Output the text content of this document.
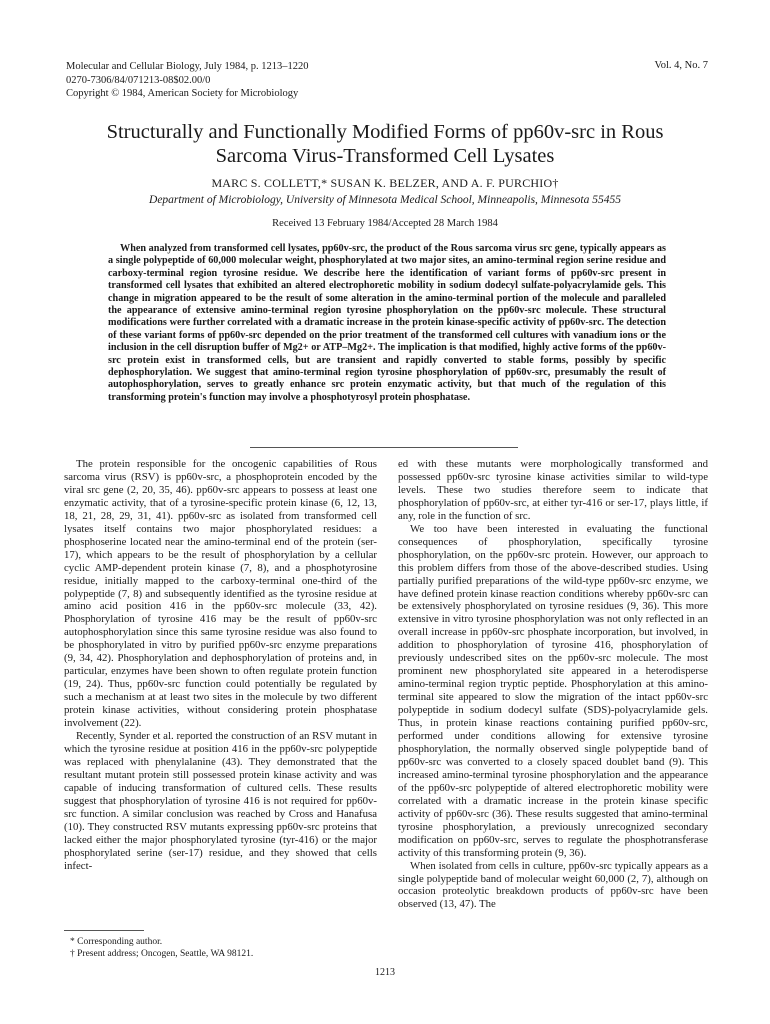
Molecular and Cellular Biology, July 1984, p. 1213–1220
0270-7306/84/071213-08$02.00/0
Copyright © 1984, American Society for Microbiology
Vol. 4, No. 7
Structurally and Functionally Modified Forms of pp60v-src in Rous
Sarcoma Virus-Transformed Cell Lysates
MARC S. COLLETT,* SUSAN K. BELZER, AND A. F. PURCHIO†
Department of Microbiology, University of Minnesota Medical School, Minneapolis, Minnesota 55455
Received 13 February 1984/Accepted 28 March 1984
When analyzed from transformed cell lysates, pp60v-src, the product of the Rous sarcoma virus src gene, typically appears as a single polypeptide of 60,000 molecular weight, phosphorylated at two major sites, an amino-terminal region serine residue and carboxy-terminal region tyrosine residue. We describe here the identification of variant forms of pp60v-src present in transformed cell lysates that exhibited an altered electrophoretic mobility in sodium dodecyl sulfate-polyacrylamide gels. This change in migration appeared to be the result of some alteration in the amino-terminal portion of the molecule and paralleled the appearance of extensive amino-terminal region tyrosine phosphorylation on the pp60v-src molecule. These structural modifications were further correlated with a dramatic increase in the protein kinase-specific activity of pp60v-src. The detection of these variant forms of pp60v-src depended on the prior treatment of the transformed cell cultures with vanadium ions or the inclusion in the cell disruption buffer of Mg2+ or ATP–Mg2+. The implication is that modified, highly active forms of the pp60v-src protein exist in transformed cells, but are transient and rapidly converted to stable forms, possibly by specific dephosphorylation. We suggest that amino-terminal region tyrosine phosphorylation of pp60v-src, presumably the result of autophosphorylation, serves to greatly enhance src protein enzymatic activity, but that much of the regulation of this transforming protein's function may involve a phosphotyrosyl protein phosphatase.

The protein responsible for the oncogenic capabilities of Rous sarcoma virus (RSV) is pp60v-src, a phosphoprotein encoded by the viral src gene (2, 20, 35, 46). pp60v-src appears to possess at least one enzymatic activity, that of a tyrosine-specific protein kinase (6, 12, 13, 18, 21, 28, 29, 31, 41). pp60v-src as isolated from transformed cell lysates itself contains two major phosphorylated residues: a phosphoserine located near the amino-terminal end of the protein (ser-17), which appears to be the result of phosphorylation by a cellular cyclic AMP-dependent protein kinase (7, 8), and a phosphotyrosine residue, initially mapped to the carboxy-terminal one-third of the polypeptide (7, 8) and subsequently identified as the tyrosine residue at amino acid position 416 in the pp60v-src molecule (33, 42). Phosphorylation of tyrosine 416 may be the result of pp60v-src autophosphorylation since this same tyrosine residue was also found to be phosphorylated in vitro by purified pp60v-src enzyme preparations (9, 34, 42). Phosphorylation and dephosphorylation of proteins and, in particular, enzymes have been shown to often regulate protein function (19, 24). Thus, pp60v-src function could potentially be regulated by such a mechanism at at least two sites in the molecule by two different protein kinase activities, without considering protein phosphatase involvement (22).

Recently, Synder et al. reported the construction of an RSV mutant in which the tyrosine residue at position 416 in the pp60v-src polypeptide was replaced with phenylalanine (43). They demonstrated that the resultant mutant protein still possessed protein kinase activity and was capable of inducing transformation of cultured cells. These results suggest that phosphorylation of tyrosine 416 is not required for pp60v-src function. A similar conclusion was reached by Cross and Hanafusa (10). They constructed RSV mutants expressing pp60v-src proteins that lacked either the major phosphorylated tyrosine (tyr-416) or the major phosphorylated serine (ser-17) residue, and they showed that cells infect-

ed with these mutants were morphologically transformed and possessed pp60v-src tyrosine kinase activities similar to wild-type levels. These two studies therefore seem to indicate that phosphorylation of pp60v-src, at either tyr-416 or ser-17, plays little, if any, role in the function of src.

We too have been interested in evaluating the functional consequences of phosphorylation, specifically tyrosine phosphorylation, on the pp60v-src protein. However, our approach to this problem differs from those of the above-described studies. Using partially purified preparations of the wild-type pp60v-src enzyme, we have defined protein kinase reaction conditions whereby pp60v-src can be extensively phosphorylated on tyrosine residues (9, 36). This more extensive in vitro tyrosine phosphorylation was not only reflected in an overall increase in pp60v-src phosphate incorporation, but involved, in addition to phosphorylation of tyrosine 416, phosphorylation of previously undescribed sites on the pp60v-src molecule. The most prominent new phosphorylated site appeared in a heterodisperse amino-terminal region tryptic peptide. Phosphorylation at this amino-terminal site appeared to slow the migration of the intact pp60v-src polypeptide in sodium dodecyl sulfate (SDS)-polyacrylamide gels. Thus, in protein kinase reactions containing purified pp60v-src, performed under conditions allowing for extensive tyrosine phosphorylation, the normally observed single polypeptide band of pp60v-src was converted to a closely spaced doublet band (9). This increased amino-terminal tyrosine phosphorylation and the appearance of the pp60v-src polypeptide of altered electrophoretic mobility were correlated with a dramatic increase in the protein kinase specific activity of pp60v-src (36). These results suggested that amino-terminal tyrosine phosphorylation, a previously unrecognized secondary modification on pp60v-src, serves to regulate the phosphotransferase activity of this transforming protein (9, 36).

When isolated from cells in culture, pp60v-src typically appears as a single polypeptide band of molecular weight 60,000 (2, 7), although on occasion proteolytic breakdown products of pp60v-src have been observed (13, 47). The

* Corresponding author.
† Present address; Oncogen, Seattle, WA 98121.
1213
